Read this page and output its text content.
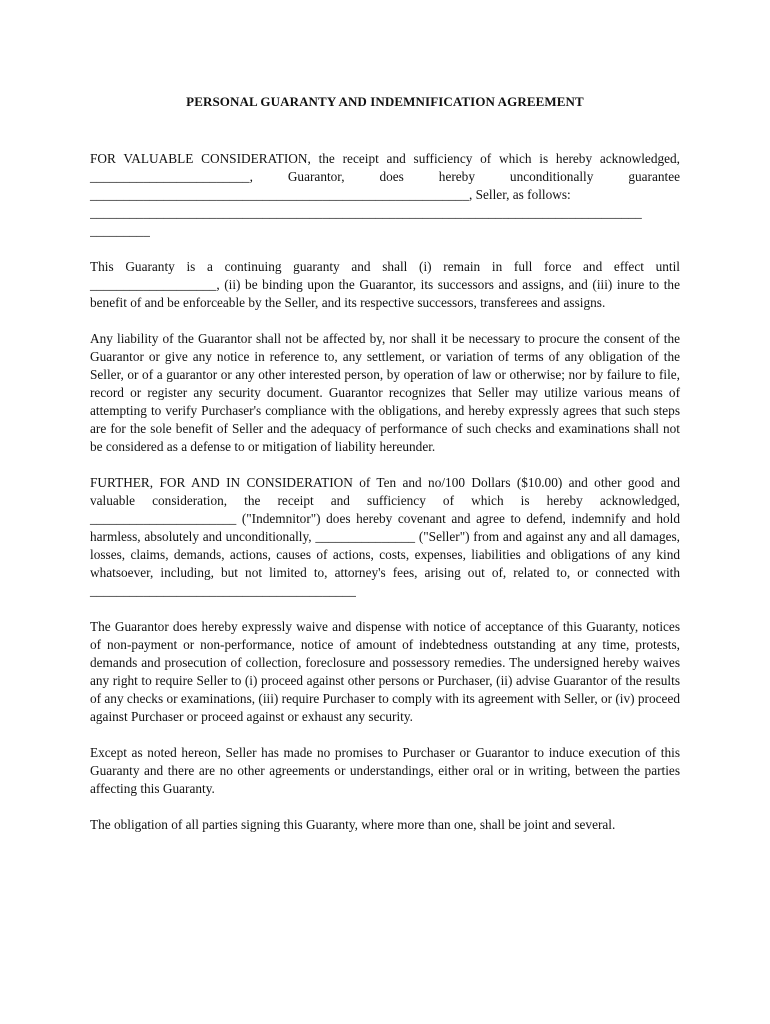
PERSONAL GUARANTY AND INDEMNIFICATION AGREEMENT

FOR VALUABLE CONSIDERATION, the receipt and sufficiency of which is hereby acknowledged, ________________________, Guarantor, does hereby unconditionally guarantee _________________________________________________________, Seller, as follows:

___________________________________________________________________________________
_________

This Guaranty is a continuing guaranty and shall (i) remain in full force and effect until ___________________, (ii) be binding upon the Guarantor, its successors and assigns, and (iii) inure to the benefit of and be enforceable by the Seller, and its respective successors, transferees and assigns.

Any liability of the Guarantor shall not be affected by, nor shall it be necessary to procure the consent of the Guarantor or give any notice in reference to, any settlement, or variation of terms of any obligation of the Seller, or of a guarantor or any other interested person, by operation of law or otherwise; nor by failure to file, record or register any security document. Guarantor recognizes that Seller may utilize various means of attempting to verify Purchaser's compliance with the obligations, and hereby expressly agrees that such steps are for the sole benefit of Seller and the adequacy of performance of such checks and examinations shall not be considered as a defense to or mitigation of liability hereunder.

FURTHER, FOR AND IN CONSIDERATION of Ten and no/100 Dollars ($10.00) and other good and valuable consideration, the receipt and sufficiency of which is hereby acknowledged, ______________________ ("Indemnitor") does hereby covenant and agree to defend, indemnify and hold harmless, absolutely and unconditionally, _______________ ("Seller") from and against any and all damages, losses, claims, demands, actions, causes of actions, costs, expenses, liabilities and obligations of any kind whatsoever, including, but not limited to, attorney's fees, arising out of, related to, or connected with ________________________________________

The Guarantor does hereby expressly waive and dispense with notice of acceptance of this Guaranty, notices of non-payment or non-performance, notice of amount of indebtedness outstanding at any time, protests, demands and prosecution of collection, foreclosure and possessory remedies. The undersigned hereby waives any right to require Seller to (i) proceed against other persons or Purchaser, (ii) advise Guarantor of the results of any checks or examinations, (iii) require Purchaser to comply with its agreement with Seller, or (iv) proceed against Purchaser or proceed against or exhaust any security.

Except as noted hereon, Seller has made no promises to Purchaser or Guarantor to induce execution of this Guaranty and there are no other agreements or understandings, either oral or in writing, between the parties affecting this Guaranty.

The obligation of all parties signing this Guaranty, where more than one, shall be joint and several.
